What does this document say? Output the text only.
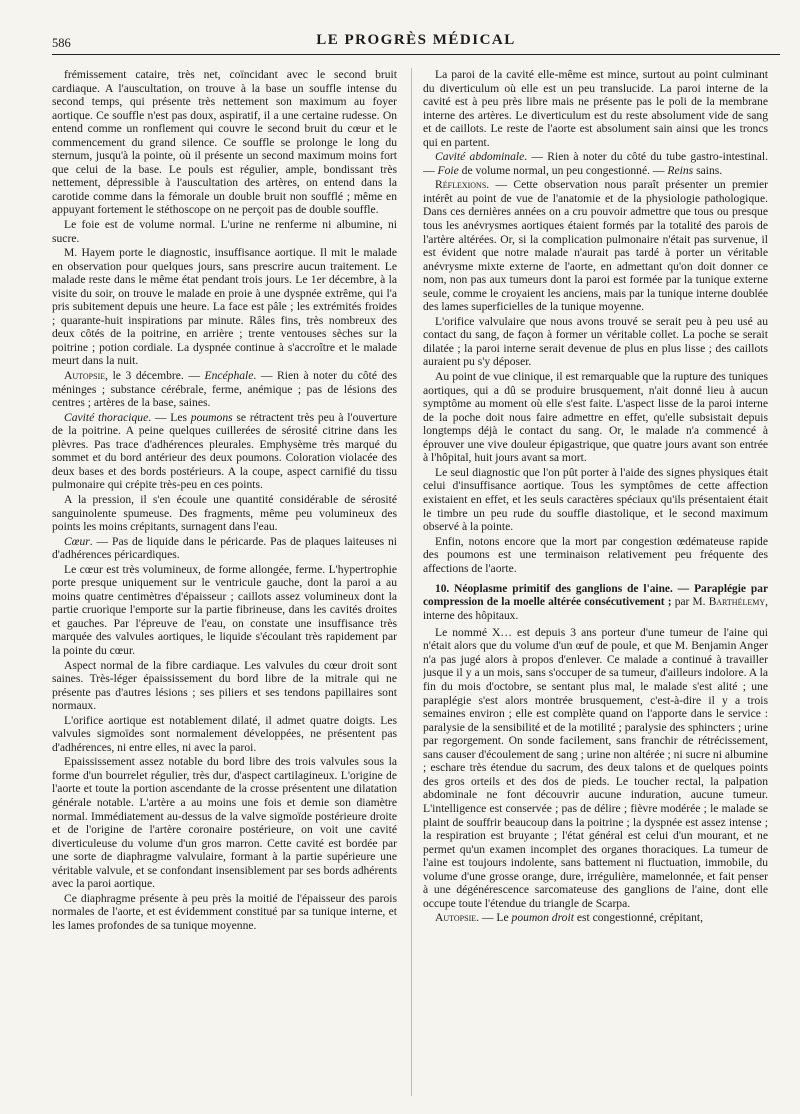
586	LE PROGRÈS MÉDICAL

frémissement cataire, très net, coïncidant avec le second bruit cardiaque. A l'auscultation, on trouve à la base un souffle intense du second temps, qui présente très nettement son maximum au foyer aortique. Ce souffle n'est pas doux, aspiratif, il a une certaine rudesse. On entend comme un ronflement qui couvre le second bruit du cœur et le commencement du grand silence. Ce souffle se prolonge le long du sternum, jusqu'à la pointe, où il présente un second maximum moins fort que celui de la base. Le pouls est régulier, ample, bondissant très nettement, dépressible à l'auscultation des artères, on entend dans la carotide comme dans la fémorale un double bruit non soufflé ; même en appuyant fortement le stéthoscope on ne perçoit pas de double souffle.

Le foie est de volume normal. L'urine ne renferme ni albumine, ni sucre.

M. Hayem porte le diagnostic, insuffisance aortique. Il mit le malade en observation pour quelques jours, sans prescrire aucun traitement. Le malade reste dans le même état pendant trois jours. Le 1er décembre, à la visite du soir, on trouve le malade en proie à une dyspnée extrême, qui l'a pris subitement depuis une heure. La face est pâle ; les extrémités froides ; quarante-huit inspirations par minute. Râles fins, très nombreux des deux côtés de la poitrine, en arrière ; trente ventouses sèches sur la poitrine ; potion cordiale. La dyspnée continue à s'accroître et le malade meurt dans la nuit.

Autopsie, le 3 décembre. — Encéphale. — Rien à noter du côté des méninges ; substance cérébrale, ferme, anémique ; pas de lésions des centres ; artères de la base, saines.

Cavité thoracique. — Les poumons se rétractent très peu à l'ouverture de la poitrine. A peine quelques cuillerées de sérosité citrine dans les plèvres. Pas trace d'adhérences pleurales. Emphysème très marqué du sommet et du bord antérieur des deux poumons. Coloration violacée des deux bases et des bords postérieurs. A la coupe, aspect carnifié du tissu pulmonaire qui crépite très-peu en ces points.

A la pression, il s'en écoule une quantité considérable de sérosité sanguinolente spumeuse. Des fragments, même peu volumineux des points les moins crépitants, surnagent dans l'eau.

Cœur. — Pas de liquide dans le péricarde. Pas de plaques laiteuses ni d'adhérences péricardiques.

Le cœur est très volumineux, de forme allongée, ferme. L'hypertrophie porte presque uniquement sur le ventricule gauche, dont la paroi a au moins quatre centimètres d'épaisseur ; caillots assez volumineux dont la partie cruorique l'emporte sur la partie fibrineuse, dans les cavités droites et gauches. Par l'épreuve de l'eau, on constate une insuffisance très marquée des valvules aortiques, le liquide s'écoulant très rapidement par la pointe du cœur.

Aspect normal de la fibre cardiaque. Les valvules du cœur droit sont saines. Très-léger épaississement du bord libre de la mitrale qui ne présente pas d'autres lésions ; ses piliers et ses tendons papillaires sont normaux.

L'orifice aortique est notablement dilaté, il admet quatre doigts. Les valvules sigmoïdes sont normalement développées, ne présentent pas d'adhérences, ni entre elles, ni avec la paroi.

Epaississement assez notable du bord libre des trois valvules sous la forme d'un bourrelet régulier, très dur, d'aspect cartilagineux. L'origine de l'aorte et toute la portion ascendante de la crosse présentent une dilatation générale notable. L'artère a au moins une fois et demie son diamètre normal. Immédiatement au-dessus de la valve sigmoïde postérieure droite et de l'origine de l'artère coronaire postérieure, on voit une cavité diverticuleuse du volume d'un gros marron. Cette cavité est bordée par une sorte de diaphragme valvulaire, formant à la partie supérieure une véritable valvule, et se confondant insensiblement par ses bords adhérents avec la paroi aortique.

Ce diaphragme présente à peu près la moitié de l'épaisseur des parois normales de l'aorte, et est évidemment constitué par sa tunique interne, et les lames profondes de sa tunique moyenne.

La paroi de la cavité elle-même est mince, surtout au point culminant du diverticulum où elle est un peu translucide. La paroi interne de la cavité est à peu près libre mais ne présente pas le poli de la membrane interne des artères. Le diverticulum est du reste absolument vide de sang et de caillots. Le reste de l'aorte est absolument sain ainsi que les troncs qui en partent.

Cavité abdominale. — Rien à noter du côté du tube gastro-intestinal. — Foie de volume normal, un peu congestionné. — Reins sains.

Réflexions. — Cette observation nous paraît présenter un premier intérêt au point de vue de l'anatomie et de la physiologie pathologique. Dans ces dernières années on a cru pouvoir admettre que tous ou presque tous les anévrysmes aortiques étaient formés par la totalité des parois de l'artère altérées. Or, si la complication pulmonaire n'était pas survenue, il est évident que notre malade n'aurait pas tardé à porter un véritable anévrysme mixte externe de l'aorte, en admettant qu'on doit donner ce nom, non pas aux tumeurs dont la paroi est formée par la tunique externe seule, comme le croyaient les anciens, mais par la tunique interne doublée des lames superficielles de la tunique moyenne.

L'orifice valvulaire que nous avons trouvé se serait peu à peu usé au contact du sang, de façon à former un véritable collet. La poche se serait dilatée ; la paroi interne serait devenue de plus en plus lisse ; des caillots auraient pu s'y déposer.

Au point de vue clinique, il est remarquable que la rupture des tuniques aortiques, qui a dû se produire brusquement, n'ait donné lieu à aucun symptôme au moment où elle s'est faite. L'aspect lisse de la paroi interne de la poche doit nous faire admettre en effet, qu'elle subsistait depuis longtemps déjà le contact du sang. Or, le malade n'a commencé à éprouver une vive douleur épigastrique, que quatre jours avant son entrée à l'hôpital, huit jours avant sa mort.

Le seul diagnostic que l'on pût porter à l'aide des signes physiques était celui d'insuffisance aortique. Tous les symptômes de cette affection existaient en effet, et les seuls caractères spéciaux qu'ils présentaient était le timbre un peu rude du souffle diastolique, et le second maximum observé à la pointe.

Enfin, notons encore que la mort par congestion œdémateuse rapide des poumons est une terminaison relativement peu fréquente des affections de l'aorte.

10. Néoplasme primitif des ganglions de l'aine. — Paraplégie par compression de la moelle altérée consécutivement ; par M. Barthélemy, interne des hôpitaux.

Le nommé X… est depuis 3 ans porteur d'une tumeur de l'aine qui n'était alors que du volume d'un œuf de poule, et que M. Benjamin Anger n'a pas jugé alors à propos d'enlever. Ce malade a continué à travailler jusque il y a un mois, sans s'occuper de sa tumeur, d'ailleurs indolore. A la fin du mois d'octobre, se sentant plus mal, le malade s'est alité ; une paraplégie s'est alors montrée brusquement, c'est-à-dire il y a trois semaines environ ; elle est complète quand on l'apporte dans le service : paralysie de la sensibilité et de la motilité ; paralysie des sphincters ; urine par regorgement. On sonde facilement, sans franchir de rétrécissement, sans causer d'écoulement de sang ; urine non altérée ; ni sucre ni albumine ; eschare très étendue du sacrum, des deux talons et de quelques points des gros orteils et des dos de pieds. Le toucher rectal, la palpation abdominale ne font découvrir aucune induration, aucune tumeur. L'intelligence est conservée ; pas de délire ; fièvre modérée ; le malade se plaint de souffrir beaucoup dans la poitrine ; la dyspnée est assez intense ; la respiration est bruyante ; l'état général est celui d'un mourant, et ne permet qu'un examen incomplet des organes thoraciques. La tumeur de l'aine est toujours indolente, sans battement ni fluctuation, immobile, du volume d'une grosse orange, dure, irrégulière, mamelonnée, et fait penser à une dégénérescence sarcomateuse des ganglions de l'aine, dont elle occupe toute l'étendue du triangle de Scarpa.

Autopsie. — Le poumon droit est congestionné, crépitant,
